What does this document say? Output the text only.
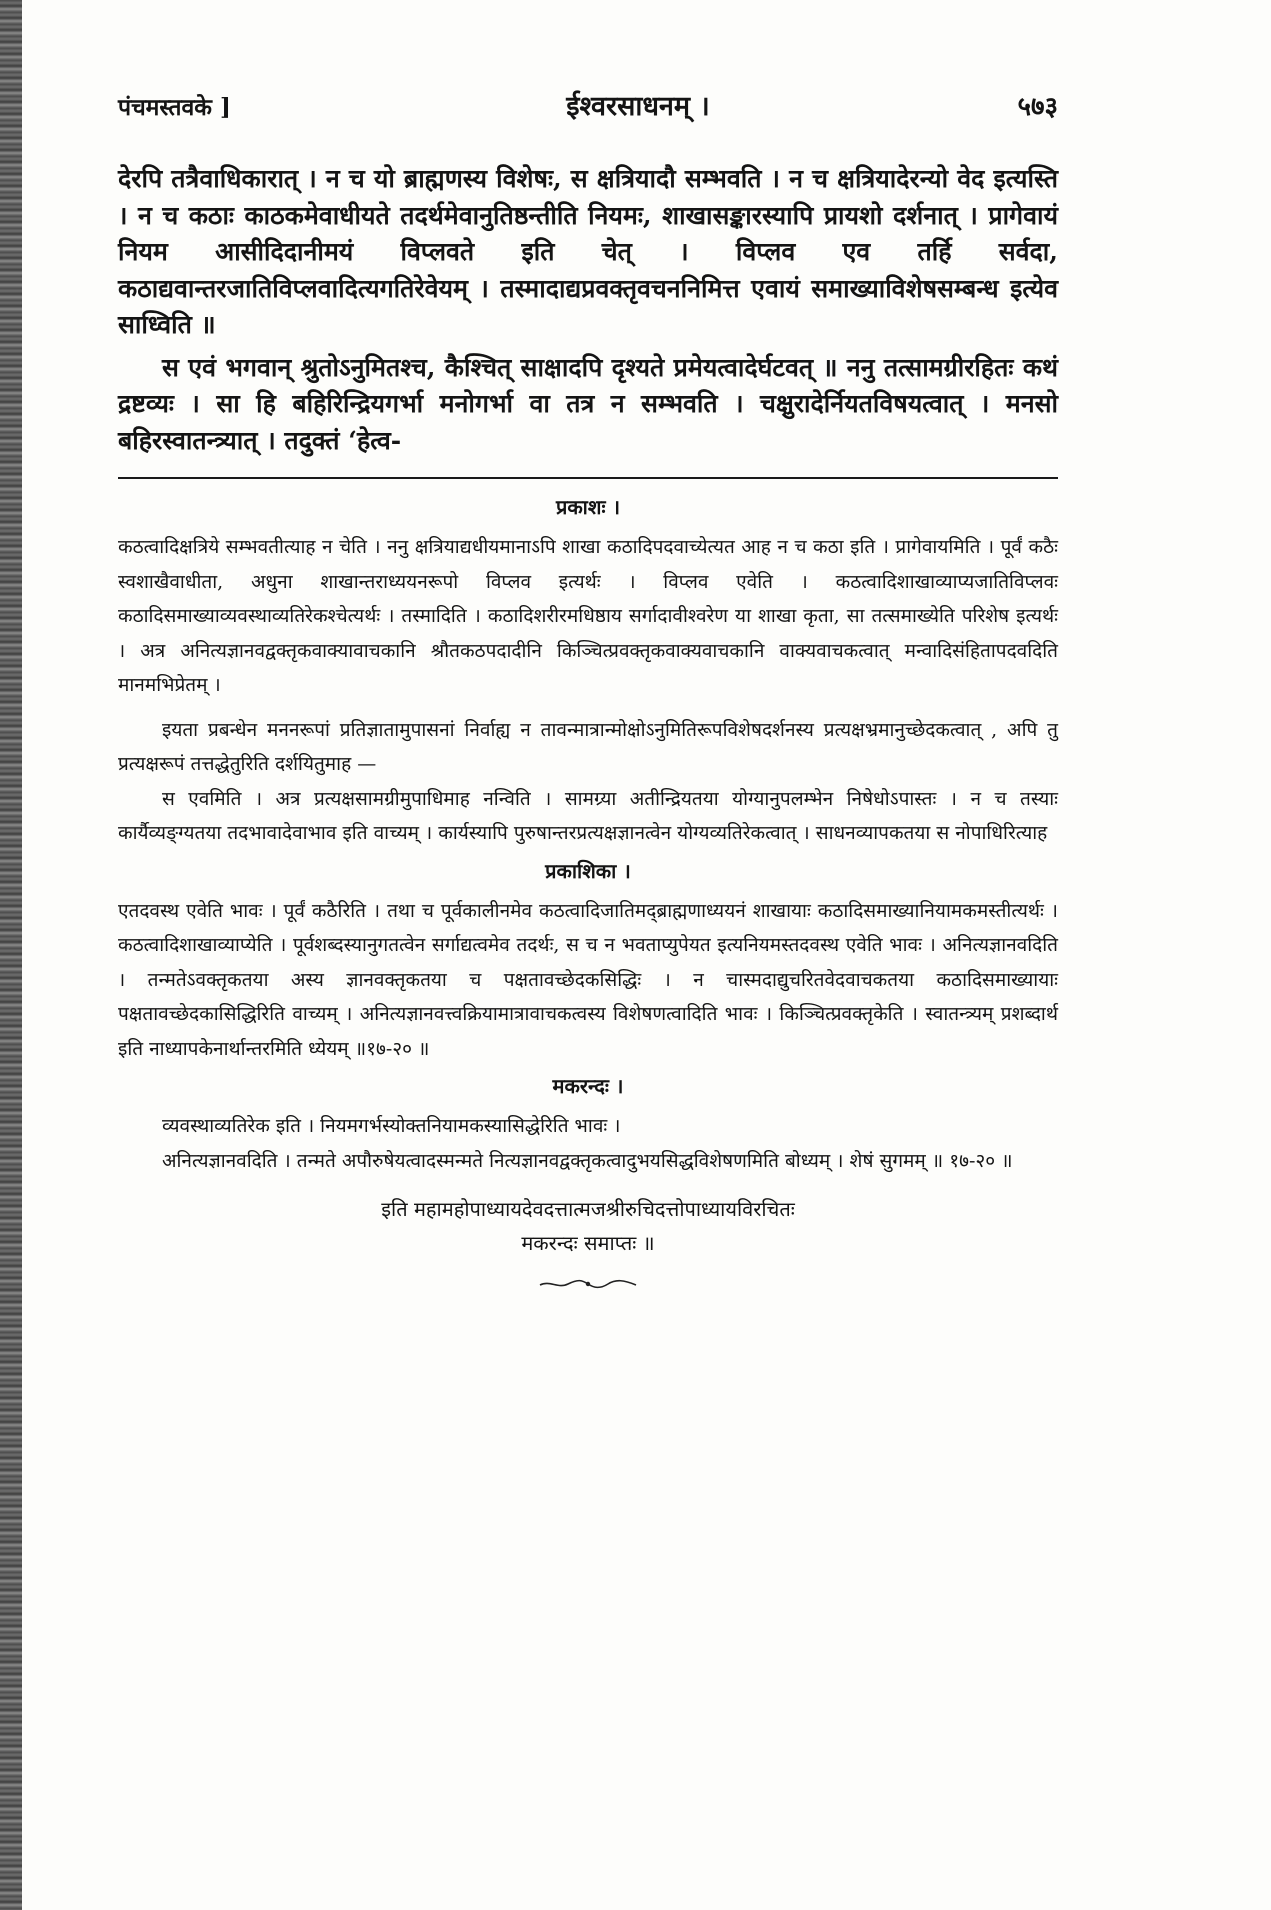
पंचमस्तवके ]	ईश्वरसाधनम् ।	५७३

देरपि तत्रैवाधिकारात् । न च यो ब्राह्मणस्य विशेषः, स क्षत्रियादौ सम्भवति । न च क्षत्रियादेरन्यो वेद इत्यस्ति । न च कठाः काठकमेवाधीयते तदर्थमेवानुतिष्ठन्तीति नियमः, शाखासङ्कारस्यापि प्रायशो दर्शनात् । प्रागेवायं नियम आसीदिदानीमयं विप्लवते इति चेत् । विप्लव एव तर्हि सर्वदा, कठाद्यवान्तरजातिविप्लवादित्यगतिरेवेयम् । तस्मादाद्यप्रवक्तृवचननिमित्त एवायं समाख्याविशेषसम्बन्ध इत्येव साध्विति ॥

स एवं भगवान् श्रुतोऽनुमितश्च, कैश्चित् साक्षादपि दृश्यते प्रमेयत्वादेर्घटवत् ॥ ननु तत्सामग्रीरहितः कथं द्रष्टव्यः । सा हि बहिरिन्द्रियगर्भा मनोगर्भा वा तत्र न सम्भवति । चक्षुरादेर्नियतविषयत्वात् । मनसो बहिरस्वातन्त्र्यात् । तदुक्तं ‘हेत्व-

प्रकाशः ।

कठत्वादिक्षत्रिये सम्भवतीत्याह न चेति । ननु क्षत्रियाद्यधीयमानाऽपि शाखा कठादिपदवाच्येत्यत आह न च कठा इति । प्रागेवायमिति । पूर्वं कठैः स्वशाखैवाधीता, अधुना शाखान्तराध्ययनरूपो विप्लव इत्यर्थः । विप्लव एवेति । कठत्वादिशाखाव्याप्यजातिविप्लवः कठादिसमाख्याव्यवस्थाव्यतिरेकश्चेत्यर्थः । तस्मादिति । कठादिशरीरमधिष्ठाय सर्गादावीश्वरेण या शाखा कृता, सा तत्समाख्येति परिशेष इत्यर्थः । अत्र अनित्यज्ञानवद्वक्तृकवाक्यावाचकानि श्रौतकठपदादीनि किञ्चित्प्रवक्तृकवाक्यवाचकानि वाक्यवाचकत्वात् मन्वादिसंहितापदवदिति मानमभिप्रेतम् ।

इयता प्रबन्धेन मननरूपां प्रतिज्ञातामुपासनां निर्वाह्य न तावन्मात्रान्मोक्षोऽनुमितिरूपविशेषदर्शनस्य प्रत्यक्षभ्रमानुच्छेदकत्वात् , अपि तु प्रत्यक्षरूपं तत्तद्धेतुरिति दर्शयितुमाह —

स एवमिति । अत्र प्रत्यक्षसामग्रीमुपाधिमाह नन्विति । सामग्र्या अतीन्द्रियतया योग्यानुपलम्भेन निषेधोऽपास्तः । न च तस्याः कार्यैव्यङ्ग्यतया तदभावादेवाभाव इति वाच्यम् । कार्यस्यापि पुरुषान्तरप्रत्यक्षज्ञानत्वेन योग्यव्यतिरेकत्वात् । साधनव्यापकतया स नोपाधिरित्याह

प्रकाशिका ।

एतदवस्थ एवेति भावः । पूर्वं कठैरिति । तथा च पूर्वकालीनमेव कठत्वादिजातिमद्ब्राह्मणाध्ययनं शाखायाः कठादिसमाख्यानियामकमस्तीत्यर्थः । कठत्वादिशाखाव्याप्येति । पूर्वशब्दस्यानुगतत्वेन सर्गाद्यत्वमेव तदर्थः, स च न भवताप्युपेयत इत्यनियमस्तदवस्थ एवेति भावः । अनित्यज्ञानवदिति । तन्मतेऽवक्तृकतया अस्य ज्ञानवक्तृकतया च पक्षतावच्छेदकसिद्धिः । न चास्मदाद्युचरितवेदवाचकतया कठादिसमाख्यायाः पक्षतावच्छेदकासिद्धिरिति वाच्यम् । अनित्यज्ञानवत्त्वक्रियामात्रावाचकत्वस्य विशेषणत्वादिति भावः । किञ्चित्प्रवक्तृकेति । स्वातन्त्र्यम् प्रशब्दार्थ इति नाध्यापकेनार्थान्तरमिति ध्येयम् ॥१७-२० ॥

मकरन्दः ।

व्यवस्थाव्यतिरेक इति । नियमगर्भस्योक्तनियामकस्यासिद्धेरिति भावः ।

अनित्यज्ञानवदिति । तन्मते अपौरुषेयत्वादस्मन्मते नित्यज्ञानवद्वक्तृकत्वादुभयसिद्धविशेषणमिति बोध्यम् । शेषं सुगमम् ॥ १७-२० ॥

इति महामहोपाध्यायदेवदत्तात्मजश्रीरुचिदत्तोपाध्यायविरचितः
मकरन्दः समाप्तः ॥
